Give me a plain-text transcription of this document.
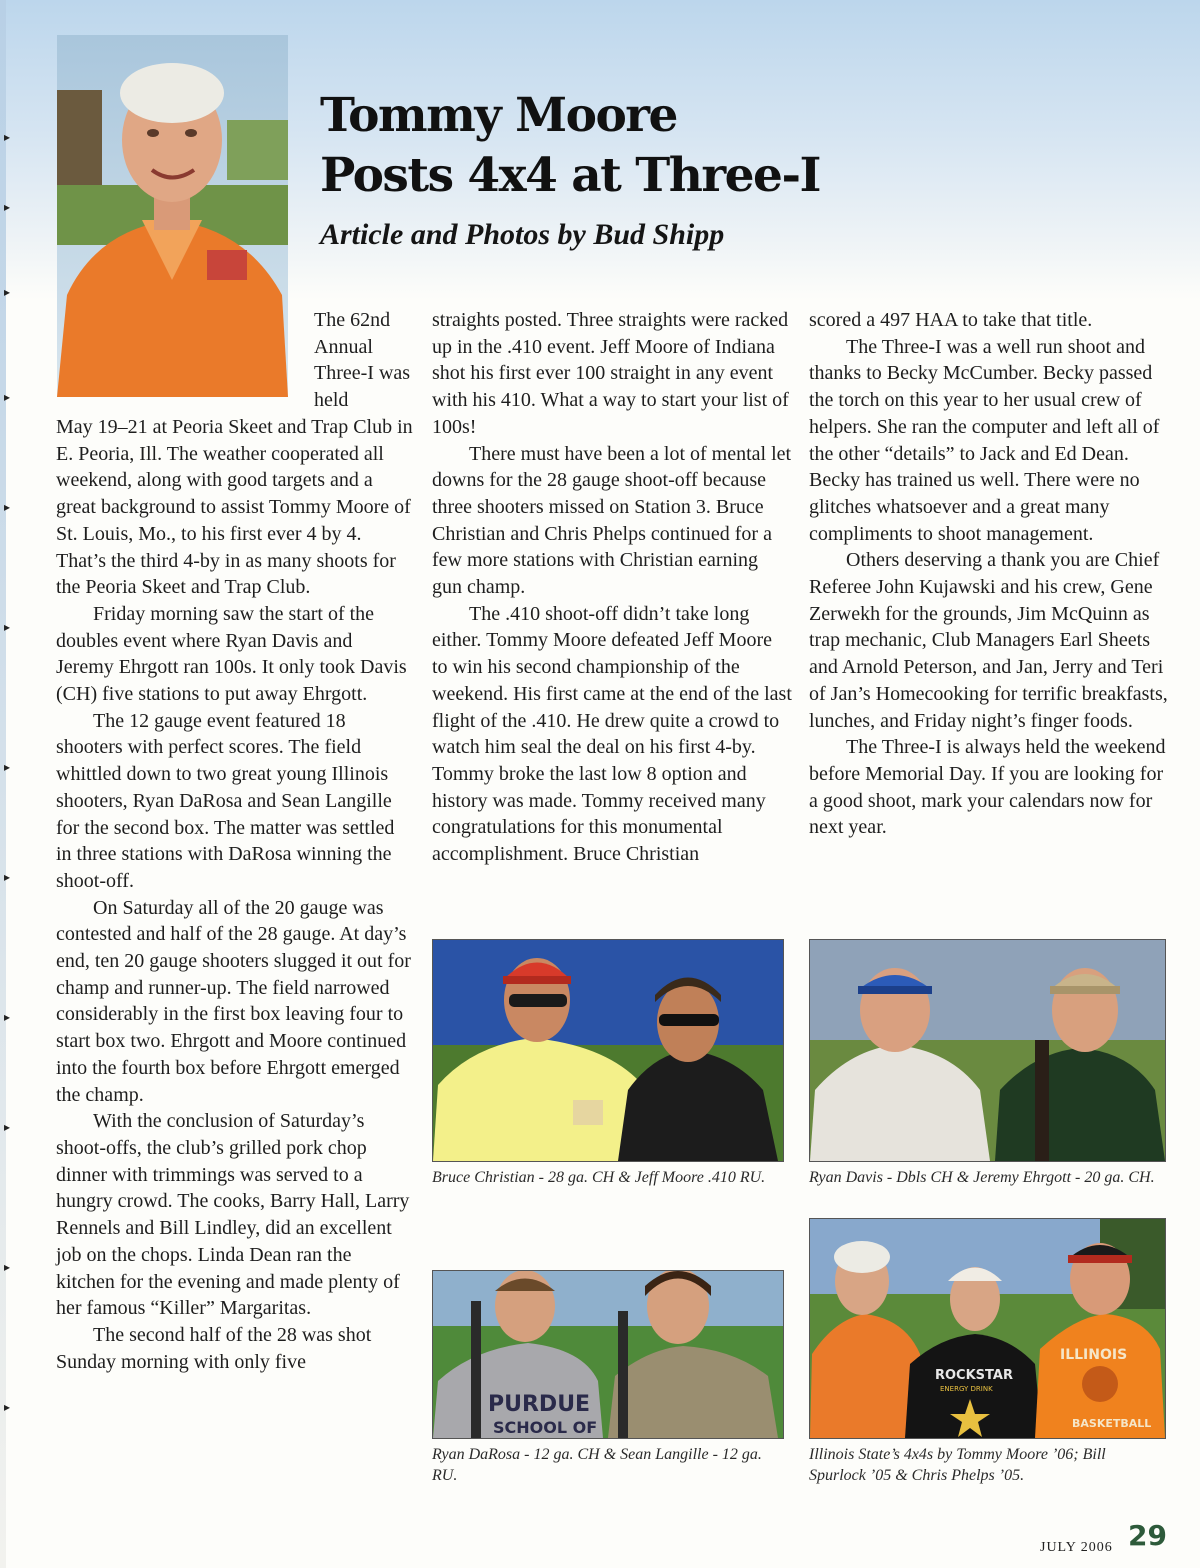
▸
▸
▸
▸
▸
▸
▸
▸
▸
▸
▸
▸
Tommy Moore
Posts 4x4 at Three-I
Article and Photos by Bud Shipp

The 62nd Annual Three-I was held

May 19–21 at Peoria Skeet and Trap Club in E. Peoria, Ill. The weather cooperated all weekend, along with good targets and a great background to assist Tommy Moore of St. Louis, Mo., to his first ever 4 by 4. That’s the third 4-by in as many shoots for the Peoria Skeet and Trap Club.

Friday morning saw the start of the doubles event where Ryan Davis and Jeremy Ehrgott ran 100s. It only took Davis (CH) five stations to put away Ehrgott.

The 12 gauge event featured 18 shooters with perfect scores. The field whittled down to two great young Illinois shooters, Ryan DaRosa and Sean Langille for the second box. The matter was settled in three stations with DaRosa winning the shoot-off.

On Saturday all of the 20 gauge was contested and half of the 28 gauge. At day’s end, ten 20 gauge shooters slugged it out for champ and runner-up. The field narrowed considerably in the first box leaving four to start box two. Ehrgott and Moore continued into the fourth box before Ehrgott emerged the champ.

With the conclusion of Saturday’s shoot-offs, the club’s grilled pork chop dinner with trimmings was served to a hungry crowd. The cooks, Barry Hall, Larry Rennels and Bill Lindley, did an excellent job on the chops. Linda Dean ran the kitchen for the evening and made plenty of her famous “Killer” Margaritas.

The second half of the 28 was shot Sunday morning with only five

straights posted. Three straights were racked up in the .410 event. Jeff Moore of Indiana shot his first ever 100 straight in any event with his 410. What a way to start your list of 100s!

There must have been a lot of mental let downs for the 28 gauge shoot-off because three shooters missed on Station 3. Bruce Christian and Chris Phelps continued for a few more stations with Christian earning gun champ.

The .410 shoot-off didn’t take long either. Tommy Moore defeated Jeff Moore to win his second championship of the weekend. His first came at the end of the last flight of the .410. He drew quite a crowd to watch him seal the deal on his first 4-by. Tommy broke the last low 8 option and history was made. Tommy received many congratulations for this monumental accomplishment. Bruce Christian

scored a 497 HAA to take that title.

The Three-I was a well run shoot and thanks to Becky McCumber. Becky passed the torch on this year to her usual crew of helpers. She ran the computer and left all of the other “details” to Jack and Ed Dean. Becky has trained us well. There were no glitches whatsoever and a great many compliments to shoot management.

Others deserving a thank you are Chief Referee John Kujawski and his crew, Gene Zerwekh for the grounds, Jim McQuinn as trap mechanic, Club Managers Earl Sheets and Arnold Peterson, and Jan, Jerry and Teri of Jan’s Homecooking for terrific breakfasts, lunches, and Friday night’s finger foods.

The Three-I is always held the weekend before Memorial Day. If you are looking for a good shoot, mark your calendars now for next year.

Bruce Christian - 28 ga. CH & Jeff Moore .410 RU.	Ryan Davis - Dbls CH & Jeremy Ehrgott - 20 ga. CH.
PURDUE
SCHOOL OF
Ryan DaRosa - 12 ga. CH & Sean Langille - 12 ga. RU.
ROCKSTAR
ENERGY DRINK
ILLINOIS
BASKETBALL
Illinois State’s 4x4s by Tommy Moore ’06; Bill Spurlock ’05 & Chris Phelps ’05.
JULY 2006 29
